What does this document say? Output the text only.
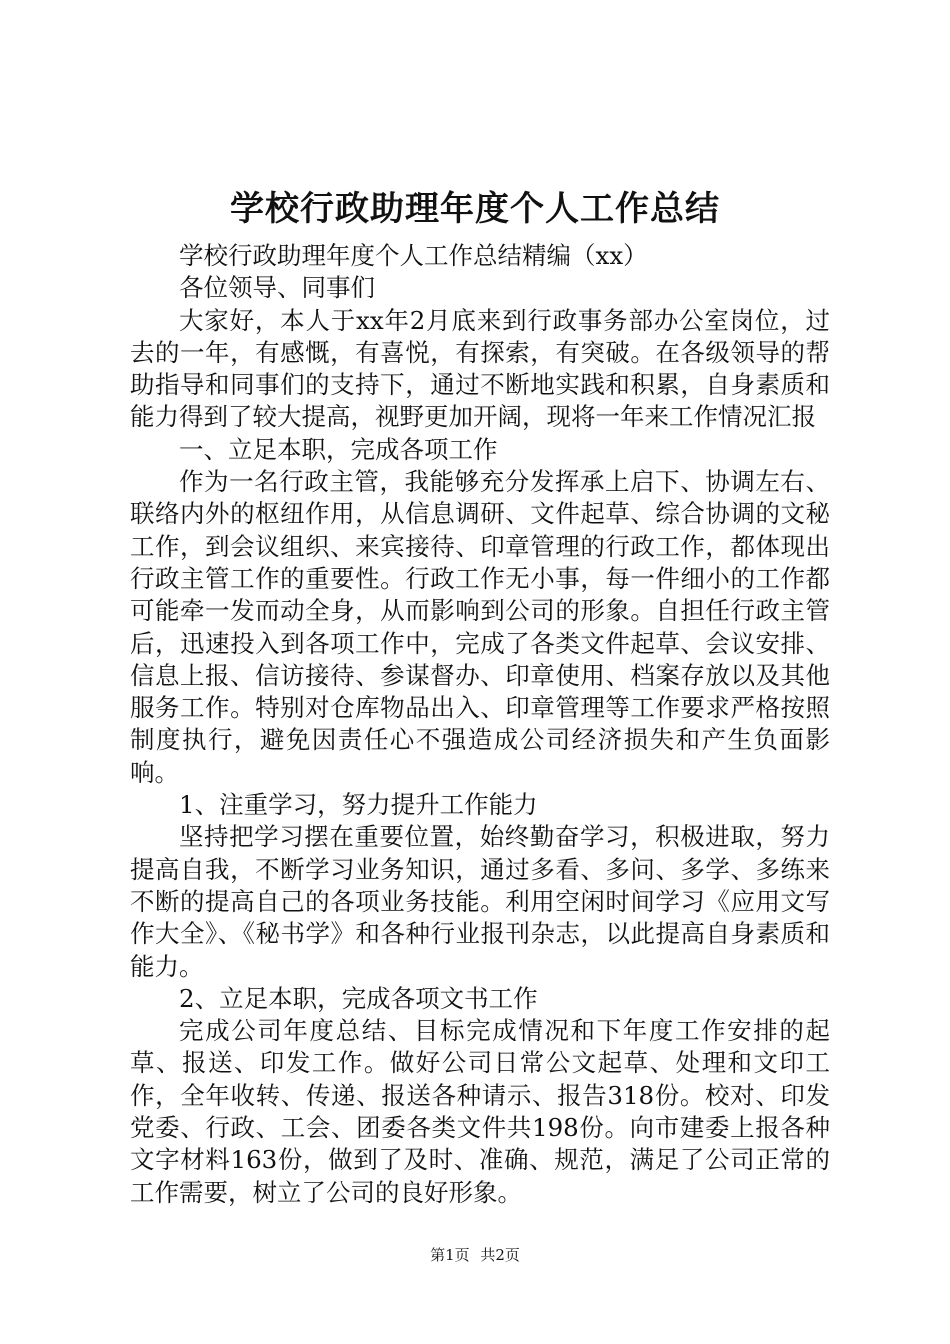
学校行政助理年度个人工作总结

学校行政助理年度个人工作总结精编（xx）

各位领导、同事们

大家好，本人于xx年2月底来到行政事务部办公室岗位，过去的一年，有感慨，有喜悦，有探索，有突破。在各级领导的帮助指导和同事们的支持下，通过不断地实践和积累，自身素质和能力得到了较大提高，视野更加开阔，现将一年来工作情况汇报

一、立足本职，完成各项工作

作为一名行政主管，我能够充分发挥承上启下、协调左右、联络内外的枢纽作用，从信息调研、文件起草、综合协调的文秘工作，到会议组织、来宾接待、印章管理的行政工作，都体现出行政主管工作的重要性。行政工作无小事，每一件细小的工作都可能牵一发而动全身，从而影响到公司的形象。自担任行政主管后，迅速投入到各项工作中，完成了各类文件起草、会议安排、信息上报、信访接待、参谋督办、印章使用、档案存放以及其他服务工作。特别对仓库物品出入、印章管理等工作要求严格按照制度执行，避免因责任心不强造成公司经济损失和产生负面影响。

1、注重学习，努力提升工作能力

坚持把学习摆在重要位置，始终勤奋学习，积极进取，努力提高自我，不断学习业务知识，通过多看、多问、多学、多练来不断的提高自己的各项业务技能。利用空闲时间学习《应用文写作大全》、《秘书学》和各种行业报刊杂志，以此提高自身素质和能力。

2、立足本职，完成各项文书工作

完成公司年度总结、目标完成情况和下年度工作安排的起草、报送、印发工作。做好公司日常公文起草、处理和文印工作，全年收转、传递、报送各种请示、报告318份。校对、印发党委、行政、工会、团委各类文件共198份。向市建委上报各种文字材料163份，做到了及时、准确、规范，满足了公司正常的工作需要，树立了公司的良好形象。

第1页 共2页
